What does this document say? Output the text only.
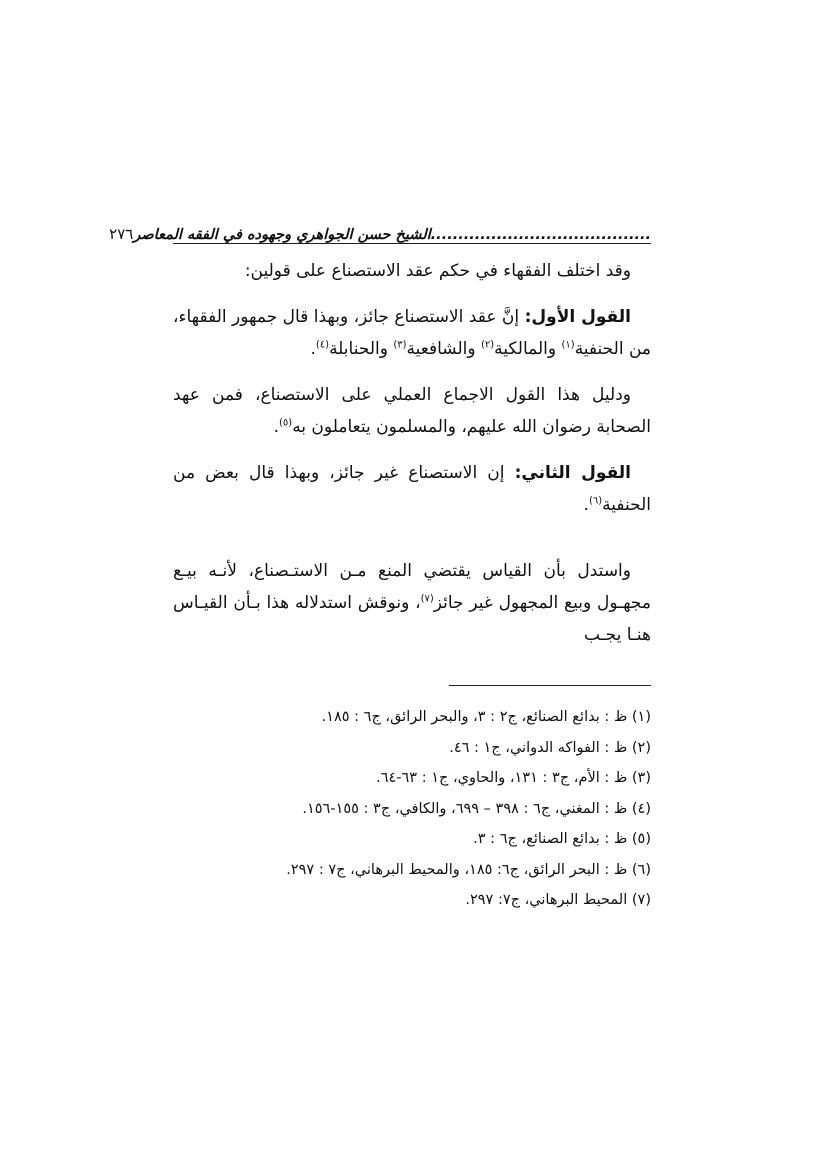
........................................الشيخ حسن الجواهري وجهوده في الفقه المعاصر
٢٧٦

وقد اختلف الفقهاء في حكم عقد الاستصناع على قولين:

القول الأول: إنَّ عقد الاستصناع جائز، وبهذا قال جمهور الفقهاء، من الحنفية$^{(١)}$ والمالكية$^{(٢)}$ والشافعية$^{(٣)}$ والحنابلة$^{(٤)}$.

ودليل هذا القول الاجماع العملي على الاستصناع، فمن عهد الصحابة رضوان الله عليهم، والمسلمون يتعاملون به$^{(٥)}$.

القول الثاني: إن الاستصناع غير جائز، وبهذا قال بعض من الحنفية$^{(٦)}$.

واستدل بأن القياس يقتضي المنع مـن الاستـصناع، لأنـه بيـع مجهـول وبيع المجهول غير جائز$^{(٧)}$، ونوقش استدلاله هذا بـأن القيـاس هنـا يجـب

(١) ظ : بدائع الصنائع، ج٢ : ٣، والبحر الرائق، ج٦ : ١٨٥.

(٢) ظ : الفواكه الدواني، ج١ : ٤٦.

(٣) ظ : الأم، ج٣ : ١٣١، والحاوي، ج١ : ٦٣-٦٤.

(٤) ظ : المغني، ج٦ : ٣٩٨ – ٦٩٩، والكافي، ج٣ : ١٥٥-١٥٦.

(٥) ظ : بدائع الصنائع، ج٦ : ٣.

(٦) ظ : البحر الرائق، ج٦: ١٨٥، والمحيط البرهاني، ج٧ : ٢٩٧.

(٧) المحيط البرهاني، ج٧: ٢٩٧.
